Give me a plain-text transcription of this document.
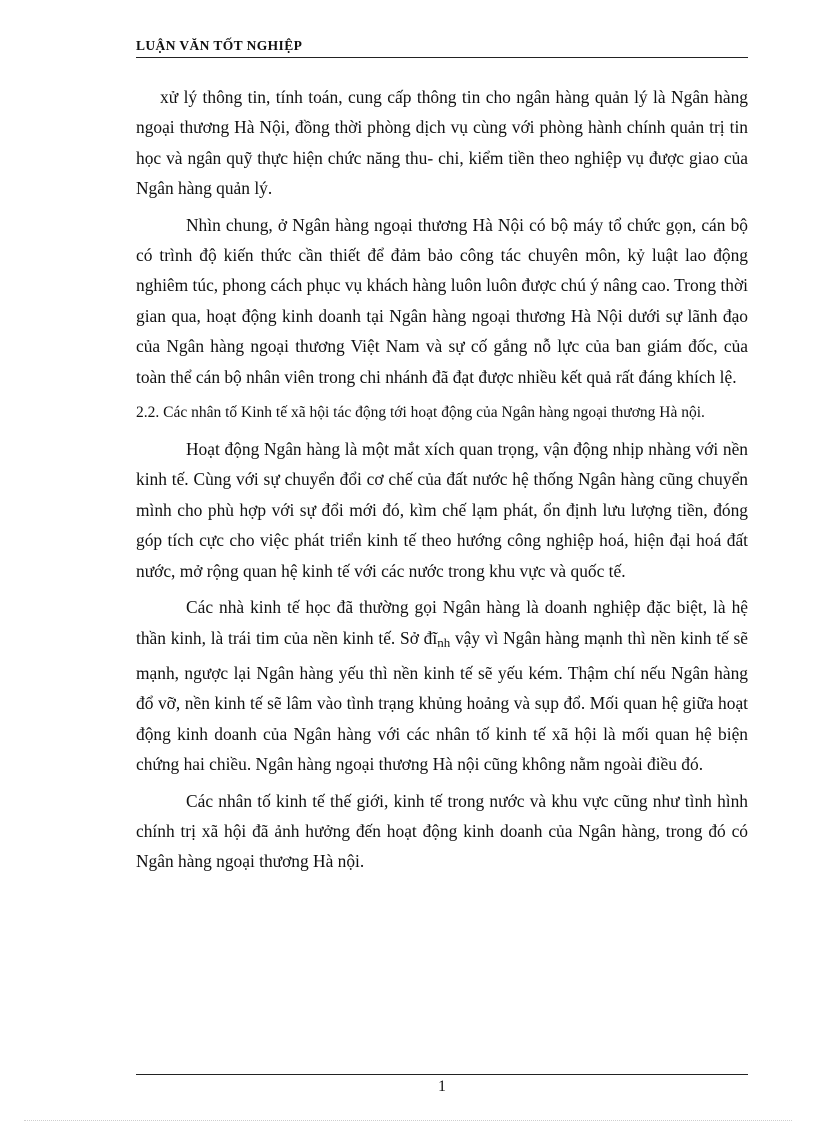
LUẬN VĂN TỐT NGHIỆP

xử lý thông tin, tính toán, cung cấp thông tin cho ngân hàng quản lý là Ngân hàng ngoại thương Hà Nội, đồng thời phòng dịch vụ cùng với phòng hành chính quản trị tin học và ngân quỹ thực hiện chức năng thu- chi, kiểm tiền theo nghiệp vụ được giao của Ngân hàng quản lý.

Nhìn chung, ở Ngân hàng ngoại thương Hà Nội có bộ máy tổ chức gọn, cán bộ có trình độ kiến thức cần thiết để đảm bảo công tác chuyên môn, kỷ luật lao động nghiêm túc, phong cách phục vụ khách hàng luôn luôn được chú ý nâng cao. Trong thời gian qua, hoạt động kinh doanh tại Ngân hàng ngoại thương Hà Nội dưới sự lãnh đạo của Ngân hàng ngoại thương Việt Nam và sự cố gắng nỗ lực của ban giám đốc, của toàn thể cán bộ nhân viên trong chi nhánh đã đạt được nhiều kết quả rất đáng khích lệ.

2.2. Các nhân tố Kinh tế xã hội tác động tới hoạt động của Ngân hàng ngoại thương Hà nội.

Hoạt động Ngân hàng là một mắt xích quan trọng, vận động nhịp nhàng với nền kinh tế. Cùng với sự chuyển đổi cơ chế của đất nước hệ thống Ngân hàng cũng chuyển mình cho phù hợp với sự đổi mới đó, kìm chế lạm phát, ổn định lưu lượng tiền, đóng góp tích cực cho việc phát triển kinh tế theo hướng công nghiệp hoá, hiện đại hoá đất nước, mở rộng quan hệ kinh tế với các nước trong khu vực và quốc tế.

Các nhà kinh tế học đã thường gọi Ngân hàng là doanh nghiệp đặc biệt, là hệ thần kinh, là trái tim của nền kinh tế. Sở $đĩ_{nh}$ vậy vì Ngân hàng mạnh thì nền kinh tế sẽ mạnh, ngược lại Ngân hàng yếu thì nền kinh tế sẽ yếu kém. Thậm chí nếu Ngân hàng đổ vỡ, nền kinh tế sẽ lâm vào tình trạng khủng hoảng và sụp đổ. Mối quan hệ giữa hoạt động kinh doanh của Ngân hàng với các nhân tố kinh tế xã hội là mối quan hệ biện chứng hai chiều. Ngân hàng ngoại thương Hà nội cũng không nằm ngoài điều đó.

Các nhân tố kinh tế thế giới, kinh tế trong nước và khu vực cũng như tình hình chính trị xã hội đã ảnh hưởng đến hoạt động kinh doanh của Ngân hàng, trong đó có Ngân hàng ngoại thương Hà nội.

1
